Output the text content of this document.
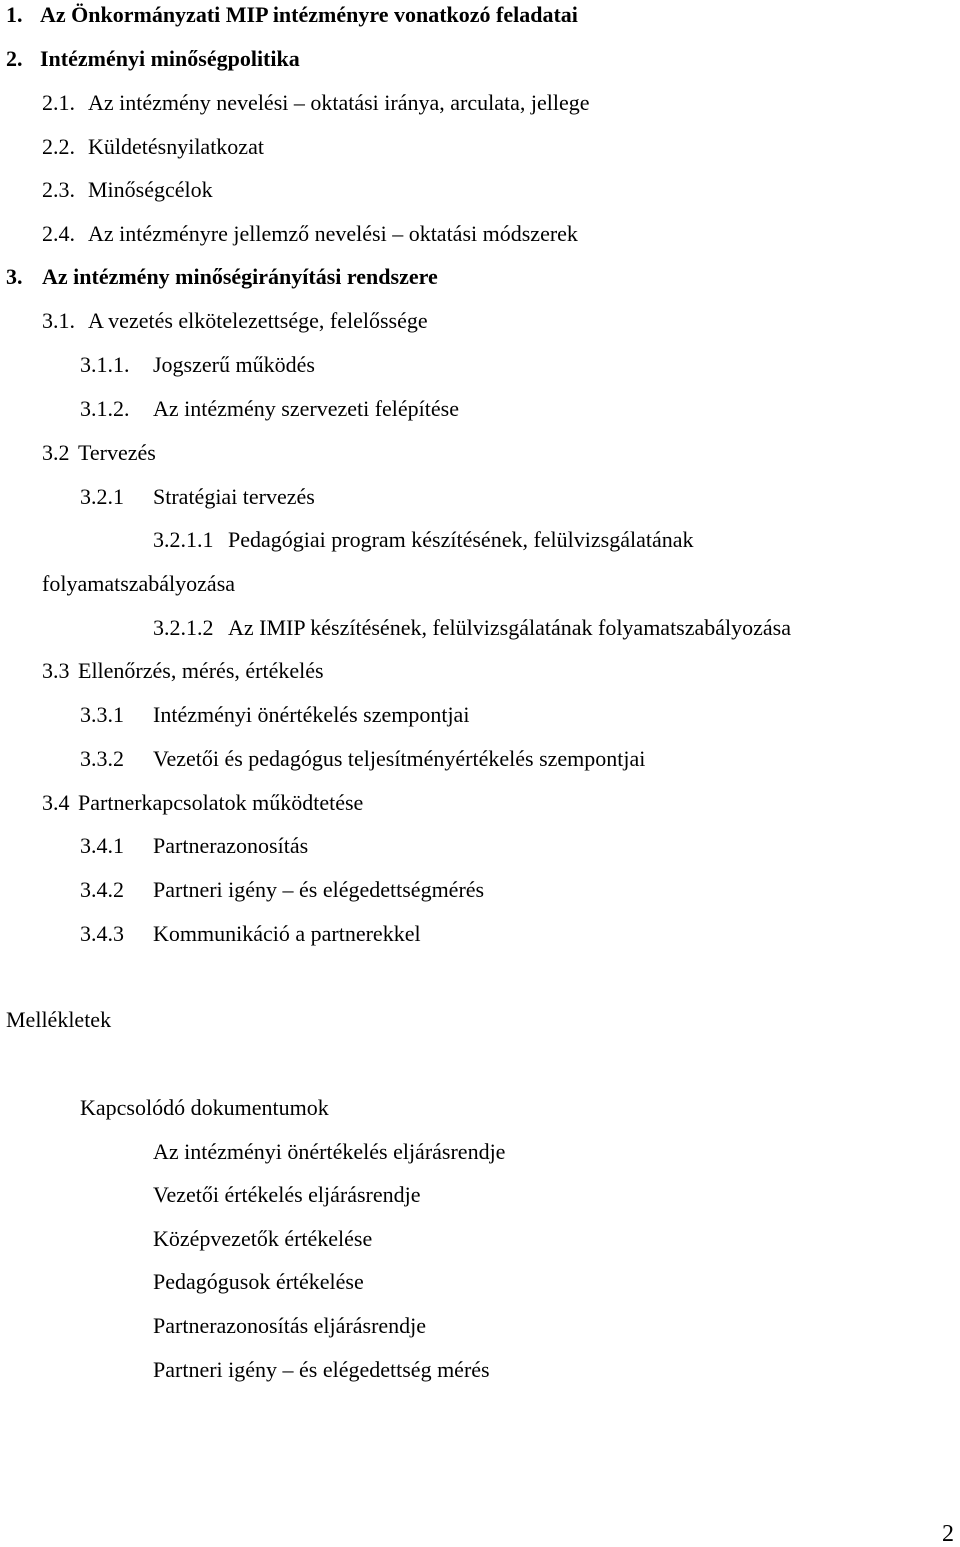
1. Az Önkormányzati MIP intézményre vonatkozó feladatai
2. Intézményi minőségpolitika
2.1. Az intézmény nevelési – oktatási iránya, arculata, jellege
2.2. Küldetésnyilatkozat
2.3. Minőségcélok
2.4. Az intézményre jellemző nevelési – oktatási módszerek
3. Az intézmény minőségirányítási rendszere
3.1. A vezetés elkötelezettsége, felelőssége
3.1.1. Jogszerű működés
3.1.2. Az intézmény szervezeti felépítése
3.2 Tervezés
3.2.1 Stratégiai tervezés
3.2.1.1 Pedagógiai program készítésének, felülvizsgálatának
folyamatszabályozása
3.2.1.2 Az IMIP készítésének, felülvizsgálatának folyamatszabályozása
3.3 Ellenőrzés, mérés, értékelés
3.3.1 Intézményi önértékelés szempontjai
3.3.2 Vezetői és pedagógus teljesítményértékelés szempontjai
3.4 Partnerkapcsolatok működtetése
3.4.1 Partnerazonosítás
3.4.2 Partneri igény – és elégedettségmérés
3.4.3 Kommunikáció a partnerekkel
Mellékletek
Kapcsolódó dokumentumok
Az intézményi önértékelés eljárásrendje
Vezetői értékelés eljárásrendje
Középvezetők értékelése
Pedagógusok értékelése
Partnerazonosítás eljárásrendje
Partneri igény – és elégedettség mérés
2
